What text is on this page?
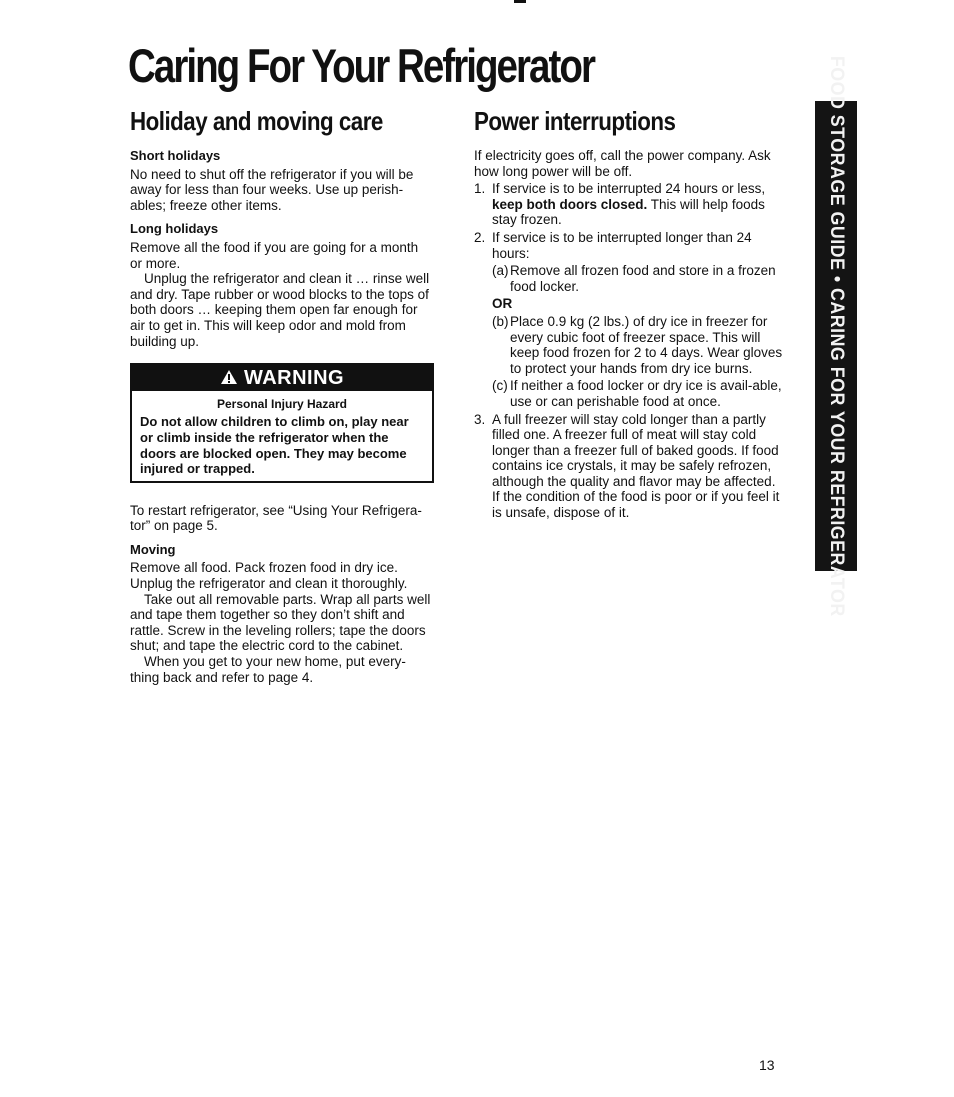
Caring For Your Refrigerator
Holiday and moving care
Short holidays

No need to shut off the refrigerator if you will be away for less than four weeks. Use up perish-ables; freeze other items.

Long holidays

Remove all the food if you are going for a month or more.

Unplug the refrigerator and clean it … rinse well and dry. Tape rubber or wood blocks to the tops of both doors … keeping them open far enough for air to get in. This will keep odor and mold from building up.

WARNING
Personal Injury Hazard
Do not allow children to climb on, play near or climb inside the refrigerator when the doors are blocked open. They may become injured or trapped.

To restart refrigerator, see “Using Your Refrigera-tor” on page 5.

Moving

Remove all food. Pack frozen food in dry ice. Unplug the refrigerator and clean it thoroughly.

Take out all removable parts. Wrap all parts well and tape them together so they don’t shift and rattle. Screw in the leveling rollers; tape the doors shut; and tape the electric cord to the cabinet.

When you get to your new home, put every-thing back and refer to page 4.

Power interruptions

If electricity goes off, call the power company. Ask how long power will be off.

1. If service is to be interrupted 24 hours or less, keep both doors closed. This will help foods stay frozen.
2. If service is to be interrupted longer than 24 hours:
(a) Remove all frozen food and store in a frozen food locker.
OR
(b) Place 0.9 kg (2 lbs.) of dry ice in freezer for every cubic foot of freezer space. This will keep food frozen for 2 to 4 days. Wear gloves to protect your hands from dry ice burns.
(c) If neither a food locker or dry ice is avail-able, use or can perishable food at once.
3. A full freezer will stay cold longer than a partly filled one. A freezer full of meat will stay cold longer than a freezer full of baked goods. If food contains ice crystals, it may be safely refrozen, although the quality and flavor may be affected. If the condition of the food is poor or if you feel it is unsafe, dispose of it.	FOOD STORAGE GUIDE • CARING FOR YOUR REFRIGERATOR
13
